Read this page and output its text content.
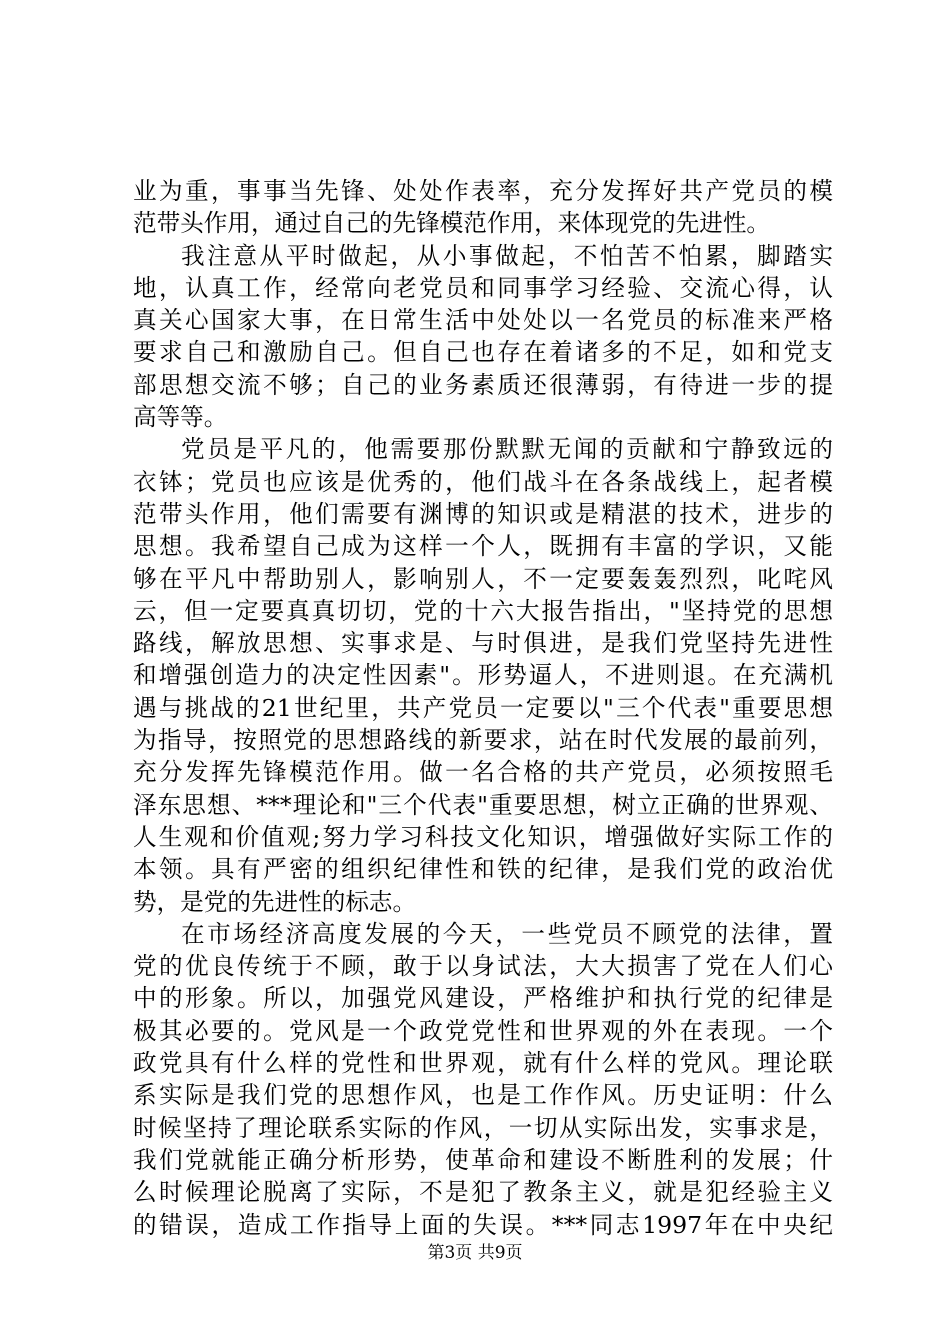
业为重，事事当先锋、处处作表率，充分发挥好共产党员的模
范带头作用，通过自己的先锋模范作用，来体现党的先进性。
我注意从平时做起，从小事做起，不怕苦不怕累，脚踏实
地，认真工作，经常向老党员和同事学习经验、交流心得，认
真关心国家大事，在日常生活中处处以一名党员的标准来严格
要求自己和激励自己。但自己也存在着诸多的不足，如和党支
部思想交流不够；自己的业务素质还很薄弱，有待进一步的提
高等等。
党员是平凡的，他需要那份默默无闻的贡献和宁静致远的
衣钵；党员也应该是优秀的，他们战斗在各条战线上，起者模
范带头作用，他们需要有渊博的知识或是精湛的技术，进步的
思想。我希望自己成为这样一个人，既拥有丰富的学识，又能
够在平凡中帮助别人，影响别人，不一定要轰轰烈烈，叱咤风
云，但一定要真真切切，党的十六大报告指出，"坚持党的思想
路线，解放思想、实事求是、与时俱进，是我们党坚持先进性
和增强创造力的决定性因素"。形势逼人，不进则退。在充满机
遇与挑战的21世纪里，共产党员一定要以"三个代表"重要思想
为指导，按照党的思想路线的新要求，站在时代发展的最前列，
充分发挥先锋模范作用。做一名合格的共产党员，必须按照毛
泽东思想、***理论和"三个代表"重要思想，树立正确的世界观、
人生观和价值观;努力学习科技文化知识，增强做好实际工作的
本领。具有严密的组织纪律性和铁的纪律，是我们党的政治优
势，是党的先进性的标志。
在市场经济高度发展的今天，一些党员不顾党的法律，置
党的优良传统于不顾，敢于以身试法，大大损害了党在人们心
中的形象。所以，加强党风建设，严格维护和执行党的纪律是
极其必要的。党风是一个政党党性和世界观的外在表现。一个
政党具有什么样的党性和世界观，就有什么样的党风。理论联
系实际是我们党的思想作风，也是工作作风。历史证明：什么
时候坚持了理论联系实际的作风，一切从实际出发，实事求是，
我们党就能正确分析形势，使革命和建设不断胜利的发展；什
么时候理论脱离了实际，不是犯了教条主义，就是犯经验主义
的错误，造成工作指导上面的失误。***同志1997年在中央纪
第3页 共9页
